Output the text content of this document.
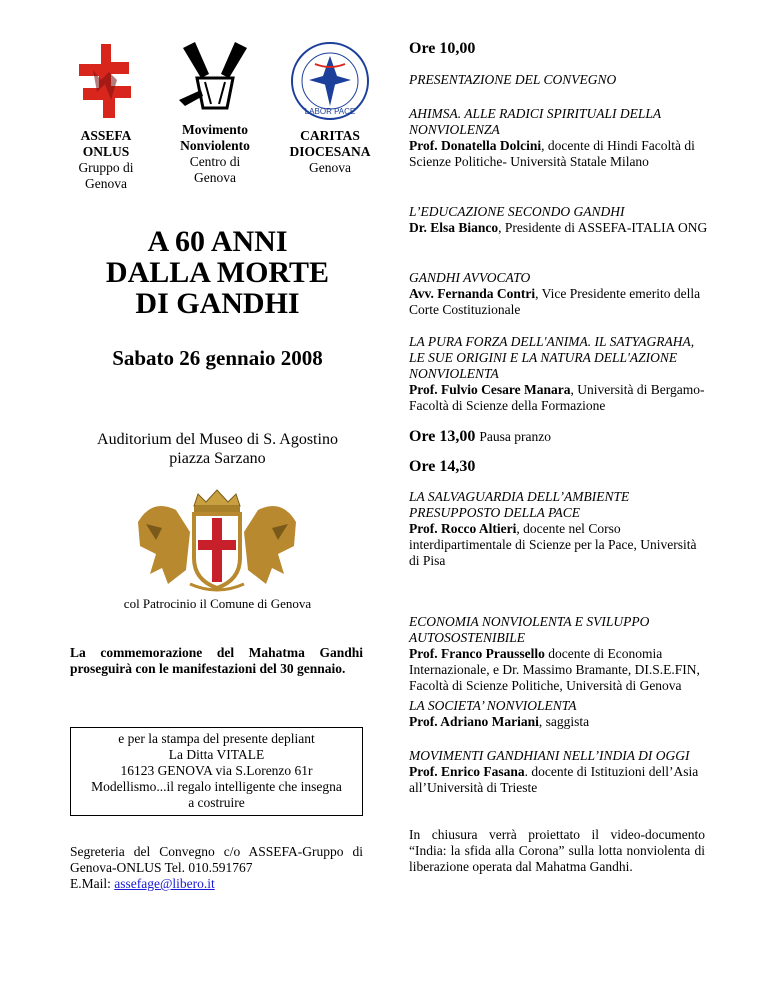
ASSEFA
ONLUS
Gruppo di
Genova
Movimento
Nonviolento
Centro di
Genova
LABOR PACE
CARITAS
DIOCESANA
Genova
A 60 ANNI
DALLA MORTE
DI GANDHI
Sabato 26 gennaio 2008
Auditorium del Museo di S. Agostino
piazza Sarzano
col Patrocinio il Comune di Genova
La commemorazione del Mahatma Gandhi proseguirà con le manifestazioni del 30 gennaio.
e per la stampa del presente depliant
La Ditta VITALE
16123 GENOVA via S.Lorenzo 61r
Modellismo...il regalo intelligente che insegna
a costruire
Segreteria del Convegno c/o ASSEFA-Gruppo di Genova-ONLUS Tel. 010.591767
E.Mail: assefage@libero.it
Ore 10,00
PRESENTAZIONE DEL CONVEGNO
AHIMSA. ALLE RADICI SPIRITUALI DELLA NONVIOLENZA
Prof. Donatella Dolcini, docente di Hindi Facoltà di Scienze Politiche- Università Statale Milano
L’EDUCAZIONE SECONDO GANDHI
Dr. Elsa Bianco, Presidente di ASSEFA-ITALIA ONG
GANDHI AVVOCATO
Avv. Fernanda Contri, Vice Presidente emerito della Corte Costituzionale
LA PURA FORZA DELL'ANIMA. IL SATYAGRAHA, LE SUE ORIGINI E LA NATURA DELL'AZIONE NONVIOLENTA
Prof. Fulvio Cesare Manara, Università di Bergamo-Facoltà di Scienze della Formazione
Ore 13,00 Pausa pranzo
Ore 14,30
LA SALVAGUARDIA DELL’AMBIENTE PRESUPPOSTO DELLA PACE
Prof. Rocco Altieri, docente nel Corso interdipartimentale di Scienze per la Pace, Università di Pisa
ECONOMIA NONVIOLENTA E SVILUPPO AUTOSOSTENIBILE
Prof. Franco Praussello docente di Economia Internazionale, e Dr. Massimo Bramante, DI.S.E.FIN, Facoltà di Scienze Politiche, Università di Genova
LA SOCIETA’ NONVIOLENTA
Prof. Adriano Mariani, saggista
MOVIMENTI GANDHIANI NELL’INDIA DI OGGI
Prof. Enrico Fasana. docente di Istituzioni dell’Asia all’Università di Trieste
In chiusura verrà proiettato il video-documento “India: la sfida alla Corona” sulla lotta nonviolenta di liberazione operata dal Mahatma Gandhi.
